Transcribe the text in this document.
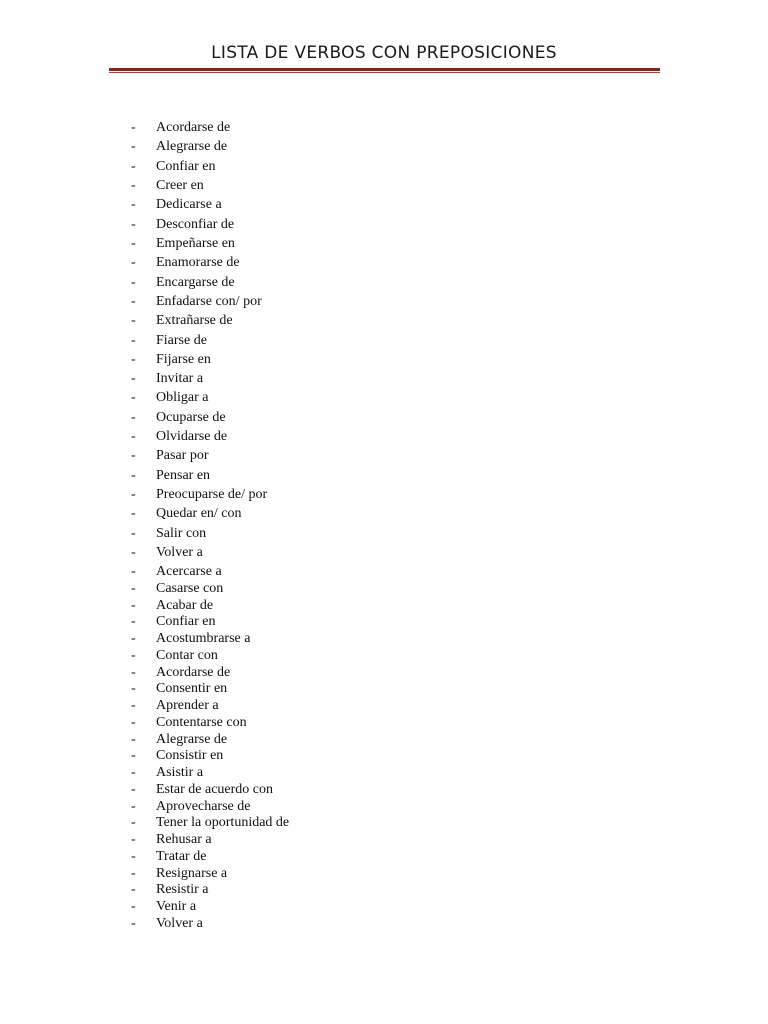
LISTA DE VERBOS CON PREPOSICIONES
- Acordarse de
- Alegrarse de
- Confiar en
- Creer en
- Dedicarse a
- Desconfiar de
- Empeñarse en
- Enamorarse de
- Encargarse de
- Enfadarse con/ por
- Extrañarse de
- Fiarse de
- Fijarse en
- Invitar a
- Obligar a
- Ocuparse de
- Olvidarse de
- Pasar por
- Pensar en
- Preocuparse de/ por
- Quedar en/ con
- Salir con
- Volver a
- Acercarse a
- Casarse con
- Acabar de
- Confiar en
- Acostumbrarse a
- Contar con
- Acordarse de
- Consentir en
- Aprender a
- Contentarse con
- Alegrarse de
- Consistir en
- Asistir a
- Estar de acuerdo con
- Aprovecharse de
- Tener la oportunidad de
- Rehusar a
- Tratar de
- Resignarse a
- Resistir a
- Venir a
- Volver a
